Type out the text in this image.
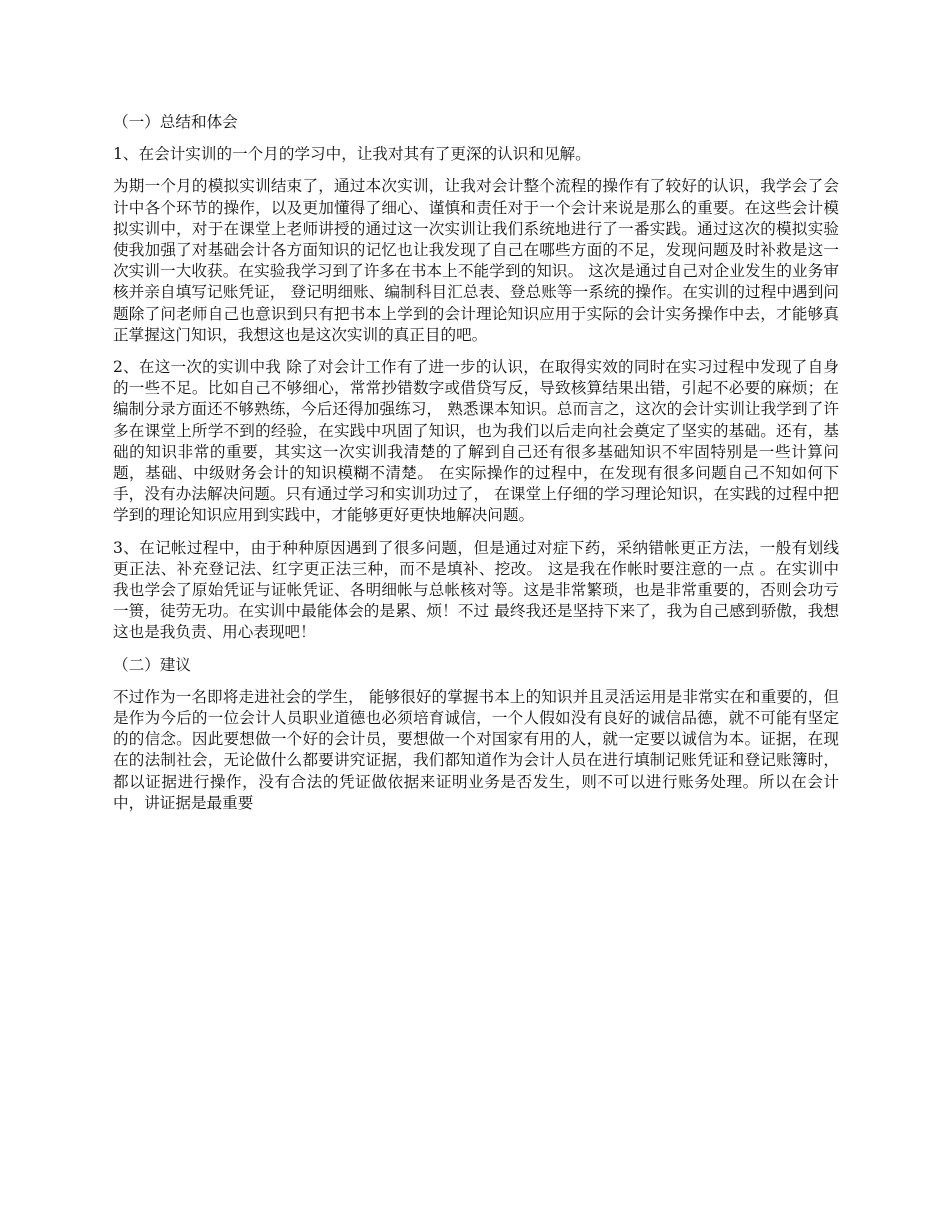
（一）总结和体会
1、在会计实训的一个月的学习中，让我对其有了更深的认识和见解。
为期一个月的模拟实训结束了，通过本次实训，让我对会计整个流程的操作有了较好的认识，我学会了会计中各个环节的操作，以及更加懂得了细心、谨慎和责任对于一个会计来说是那么的重要。在这些会计模拟实训中，对于在课堂上老师讲授的通过这一次实训让我们系统地进行了一番实践。通过这次的模拟实验使我加强了对基础会计各方面知识的记忆也让我发现了自己在哪些方面的不足，发现问题及时补救是这一次实训一大收获。在实验我学习到了许多在书本上不能学到的知识。 这次是通过自己对企业发生的业务审核并亲自填写记账凭证， 登记明细账、编制科目汇总表、登总账等一系统的操作。在实训的过程中遇到问题除了问老师自己也意识到只有把书本上学到的会计理论知识应用于实际的会计实务操作中去，才能够真正掌握这门知识，我想这也是这次实训的真正目的吧。
2、在这一次的实训中我 除了对会计工作有了进一步的认识，在取得实效的同时在实习过程中发现了自身的一些不足。比如自己不够细心，常常抄错数字或借贷写反，导致核算结果出错，引起不必要的麻烦；在编制分录方面还不够熟练，今后还得加强练习， 熟悉课本知识。总而言之，这次的会计实训让我学到了许多在课堂上所学不到的经验，在实践中巩固了知识，也为我们以后走向社会奠定了坚实的基础。还有，基础的知识非常的重要，其实这一次实训我清楚的了解到自己还有很多基础知识不牢固特别是一些计算问题，基础、中级财务会计的知识模糊不清楚。 在实际操作的过程中，在发现有很多问题自己不知如何下手，没有办法解决问题。只有通过学习和实训功过了， 在课堂上仔细的学习理论知识，在实践的过程中把学到的理论知识应用到实践中，才能够更好更快地解决问题。
3、在记帐过程中，由于种种原因遇到了很多问题，但是通过对症下药，采纳错帐更正方法，一般有划线更正法、补充登记法、红字更正法三种，而不是填补、挖改。 这是我在作帐时要注意的一点 。在实训中 我也学会了原始凭证与证帐凭证、各明细帐与总帐核对等。这是非常繁琐，也是非常重要的，否则会功亏一篑，徒劳无功。在实训中最能体会的是累、烦！不过 最终我还是坚持下来了，我为自己感到骄傲，我想这也是我负责、用心表现吧！
（二）建议
不过作为一名即将走进社会的学生， 能够很好的掌握书本上的知识并且灵活运用是非常实在和重要的，但是作为今后的一位会计人员职业道德也必须培育诚信，一个人假如没有良好的诚信品德，就不可能有坚定的的信念。因此要想做一个好的会计员，要想做一个对国家有用的人，就一定要以诚信为本。证据，在现在的法制社会，无论做什么都要讲究证据，我们都知道作为会计人员在进行填制记账凭证和登记账簿时，都以证据进行操作，没有合法的凭证做依据来证明业务是否发生，则不可以进行账务处理。所以在会计中，讲证据是最重要
